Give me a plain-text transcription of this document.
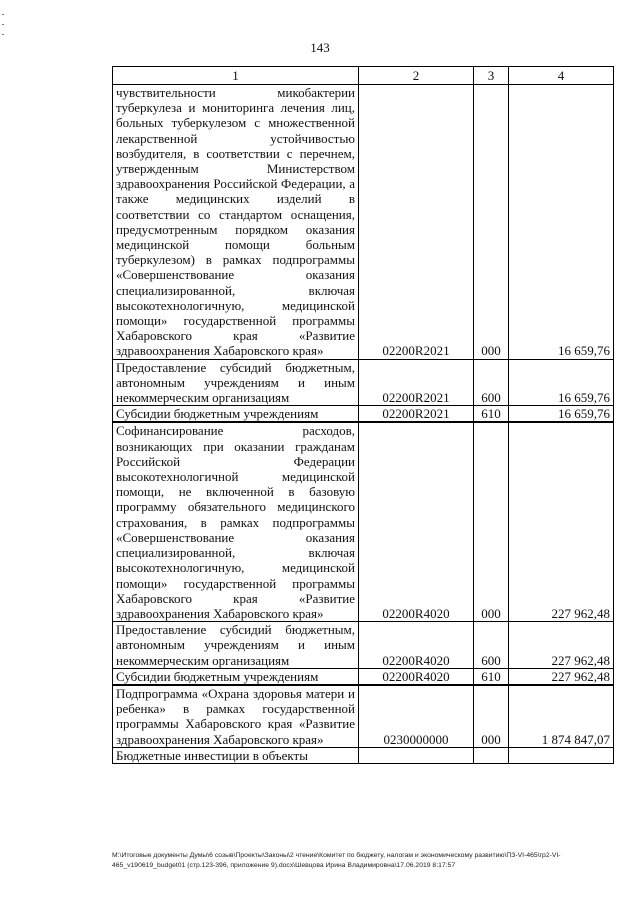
143
1	2	3	4
чувствительности микобактерии туберкулеза и мониторинга лечения лиц, больных туберкулезом с множественной лекарственной устойчивостью возбудителя, в соответствии с перечнем, утвержденным Министерством здравоохранения Российской Федерации, а также медицинских изделий в соответствии со стандартом оснащения, предусмотренным порядком оказания медицинской помощи больным туберкулезом) в рамках подпрограммы «Совершенствование оказания специализированной, включая высокотехнологичную, медицинской помощи» государственной программы Хабаровского края «Развитие здравоохранения Хабаровского края»	02200R2021	000	16 659,76
Предоставление субсидий бюджетным, автономным учреждениям и иным некоммерческим организациям	02200R2021	600	16 659,76
Субсидии бюджетным учреждениям	02200R2021	610	16 659,76
Софинансирование расходов, возникающих при оказании гражданам Российской Федерации высокотехнологичной медицинской помощи, не включенной в базовую программу обязательного медицинского страхования, в рамках подпрограммы «Совершенствование оказания специализированной, включая высокотехнологичную, медицинской помощи» государственной программы Хабаровского края «Развитие здравоохранения Хабаровского края»	02200R4020	000	227 962,48
Предоставление субсидий бюджетным, автономным учреждениям и иным некоммерческим организациям	02200R4020	600	227 962,48
Субсидии бюджетным учреждениям	02200R4020	610	227 962,48
Подпрограмма «Охрана здоровья матери и ребенка» в рамках государственной программы Хабаровского края «Развитие здравоохранения Хабаровского края»	0230000000	000	1 874 847,07
Бюджетные инвестиции в объекты			
M:\Итоговые документы Думы\6 созыв\Проекты\Законы\2 чтение\Комитет по бюджету, налогам и экономическому развитию\ПЗ-VI-465\гр2-VI-465_v190619_budget01 (стр.123-396, приложение 9).docx\Шевцова Ирина Владимировна\17.06.2019 8:17:57
